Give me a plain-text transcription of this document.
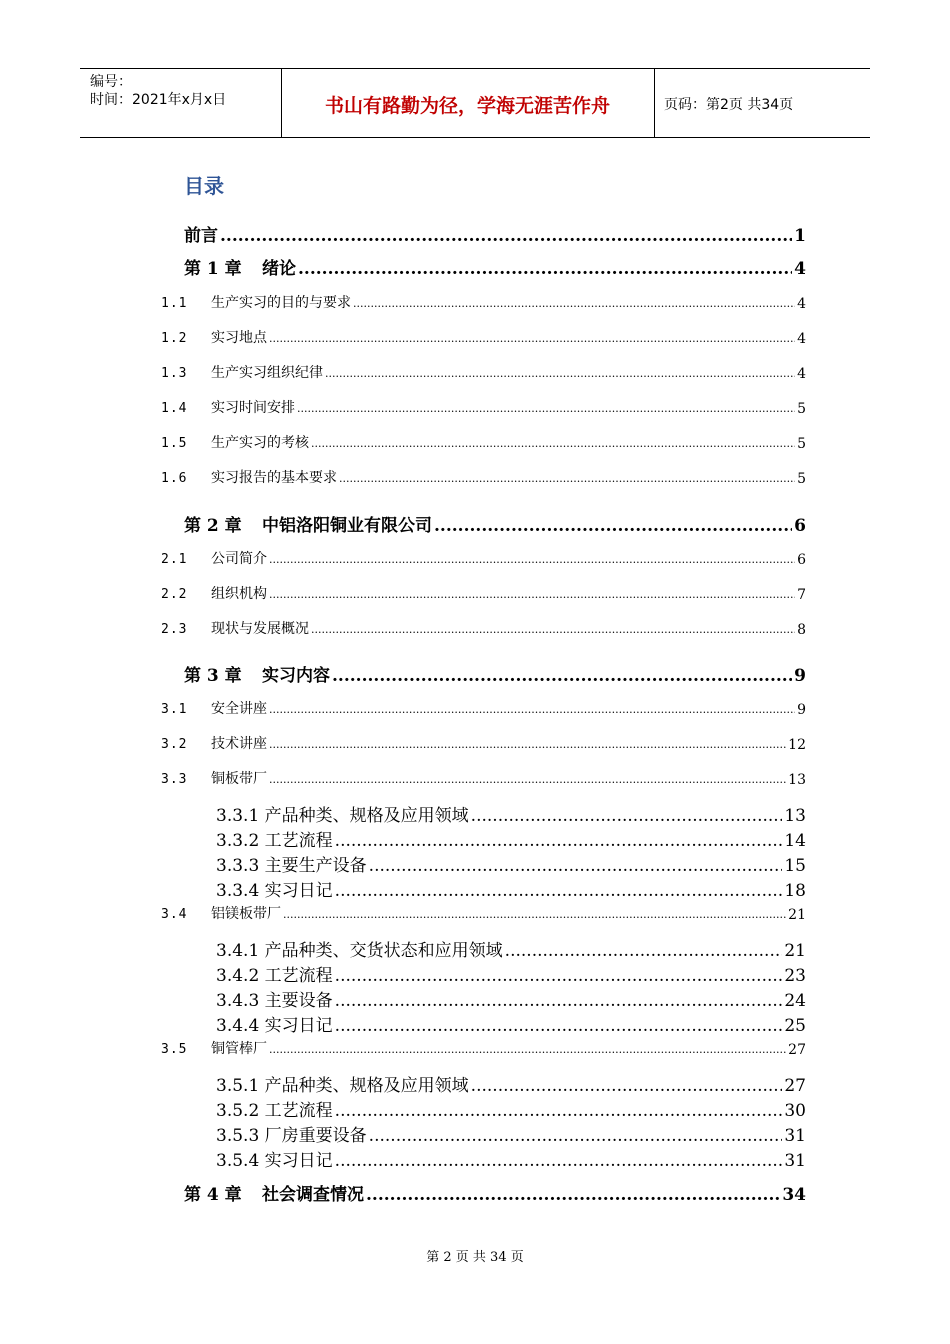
编号：
时间：2021年x月x日	书山有路勤为径，学海无涯苦作舟	页码：第2页 共34页
目录
前言 .....	1
第 1 章 绪论 .....	4
1.1 生产实习的目的与要求 .....	4
1.2 实习地点 .....	4
1.3 生产实习组织纪律 .....	4
1.4 实习时间安排 .....	5
1.5 生产实习的考核 .....	5
1.6 实习报告的基本要求 .....	5
第 2 章 中铝洛阳铜业有限公司 .....	6
2.1 公司简介 .....	6
2.2 组织机构 .....	7
2.3 现状与发展概况 .....	8
第 3 章 实习内容 .....	9
3.1 安全讲座 .....	9
3.2 技术讲座 .....	12
3.3 铜板带厂 .....	13
3.3.1 产品种类、规格及应用领域 .....	13
3.3.2 工艺流程 .....	14
3.3.3 主要生产设备 .....	15
3.3.4 实习日记 .....	18
3.4 铝镁板带厂 .....	21
3.4.1 产品种类、交货状态和应用领域 .....	21
3.4.2 工艺流程 .....	23
3.4.3 主要设备 .....	24
3.4.4 实习日记 .....	25
3.5 铜管棒厂 .....	27
3.5.1 产品种类、规格及应用领域 .....	27
3.5.2 工艺流程 .....	30
3.5.3 厂房重要设备 .....	31
3.5.4 实习日记 .....	31
第 4 章 社会调查情况 .....	34
第 2 页 共 34 页
